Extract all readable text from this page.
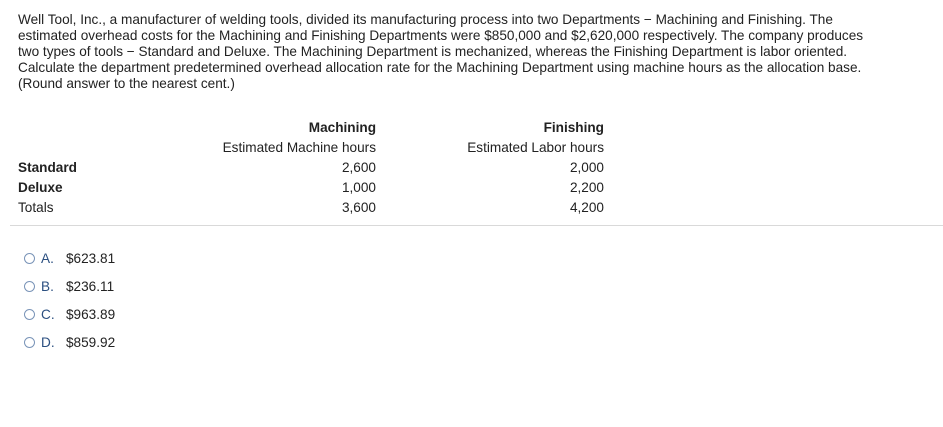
Well Tool, Inc., a manufacturer of welding tools, divided its manufacturing process into two Departments − Machining and Finishing. The

estimated overhead costs for the Machining and Finishing Departments were $850,000 and $2,620,000 respectively. The company produces

two types of tools − Standard and Deluxe. The Machining Department is mechanized, whereas the Finishing Department is labor oriented.

Calculate the department predetermined overhead allocation rate for the Machining Department using machine hours as the allocation base.

(Round answer to the nearest cent.)

	Machining		Finishing
	Estimated Machine hours		Estimated Labor hours
Standard	2,600		2,000
Deluxe	1,000		2,200
Totals	3,600		4,200
A. $623.81
B. $236.11
C. $963.89
D. $859.92
